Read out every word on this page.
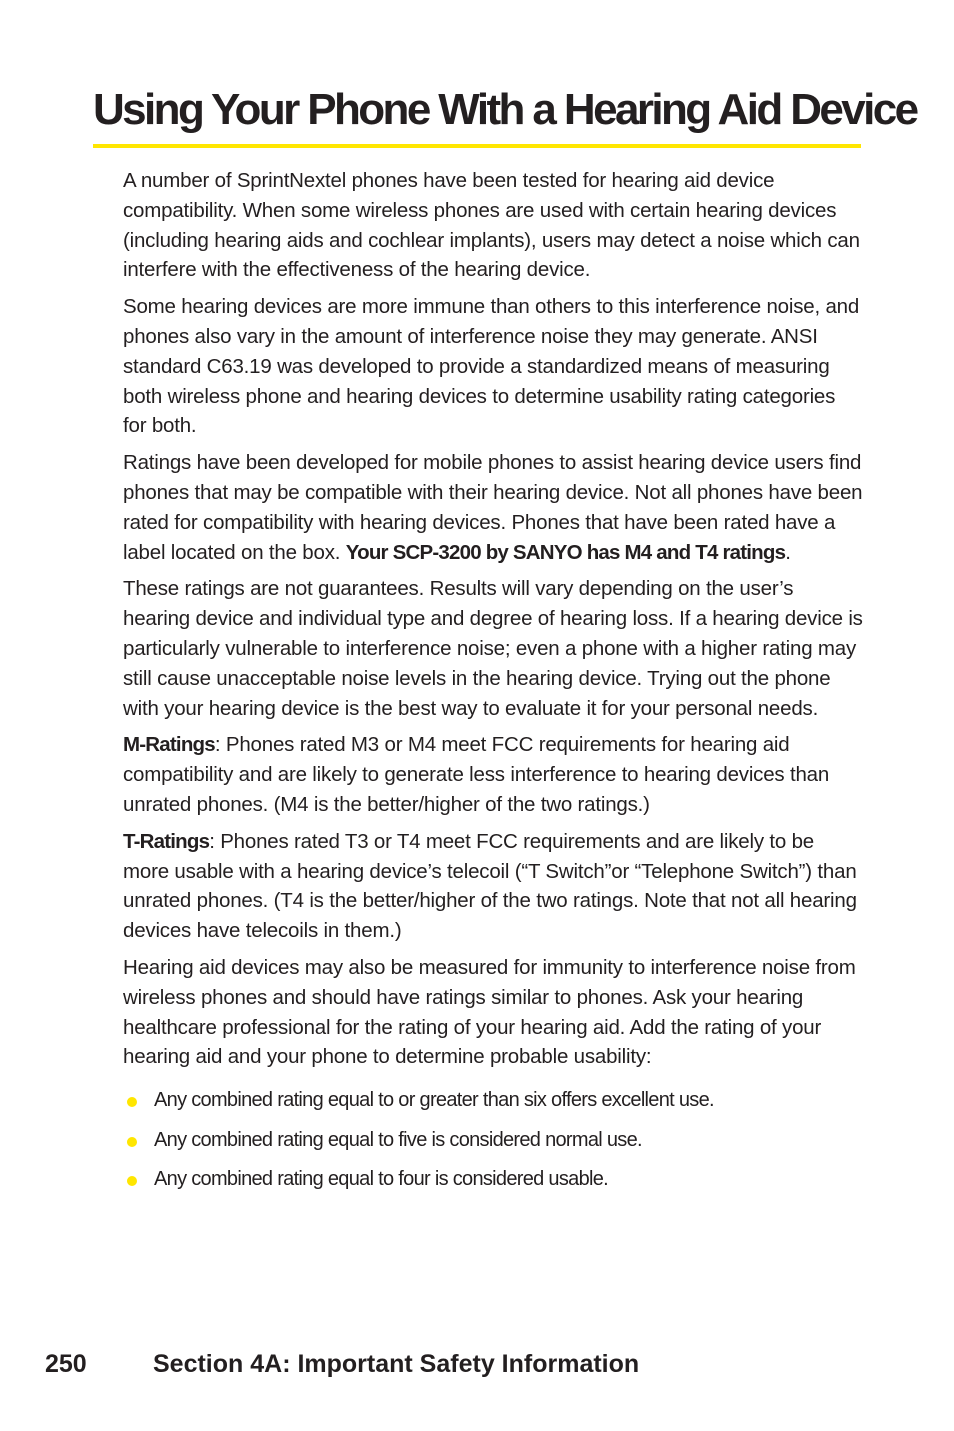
Using Your Phone With a Hearing Aid Device

A number of SprintNextel phones have been tested for hearing aid device compatibility. When some wireless phones are used with certain hearing devices (including hearing aids and cochlear implants), users may detect a noise which can interfere with the effectiveness of the hearing device.

Some hearing devices are more immune than others to this interference noise, and phones also vary in the amount of interference noise they may generate. ANSI standard C63.19 was developed to provide a standardized means of measuring both wireless phone and hearing devices to determine usability rating categories for both.

Ratings have been developed for mobile phones to assist hearing device users find phones that may be compatible with their hearing device. Not all phones have been rated for compatibility with hearing devices. Phones that have been rated have a label located on the box. Your SCP-3200 by SANYO has M4 and T4 ratings.

These ratings are not guarantees. Results will vary depending on the user’s hearing device and individual type and degree of hearing loss. If a hearing device is particularly vulnerable to interference noise; even a phone with a higher rating may still cause unacceptable noise levels in the hearing device. Trying out the phone with your hearing device is the best way to evaluate it for your personal needs.

M-Ratings: Phones rated M3 or M4 meet FCC requirements for hearing aid compatibility and are likely to generate less interference to hearing devices than unrated phones. (M4 is the better/higher of the two ratings.)

T-Ratings: Phones rated T3 or T4 meet FCC requirements and are likely to be more usable with a hearing device’s telecoil (“T Switch”or “Telephone Switch”) than unrated phones. (T4 is the better/higher of the two ratings. Note that not all hearing devices have telecoils in them.)

Hearing aid devices may also be measured for immunity to interference noise from wireless phones and should have ratings similar to phones. Ask your hearing healthcare professional for the rating of your hearing aid. Add the rating of your hearing aid and your phone to determine probable usability:

Any combined rating equal to or greater than six offers excellent use.
Any combined rating equal to five is considered normal use.
Any combined rating equal to four is considered usable.
250	Section 4A: Important Safety Information
